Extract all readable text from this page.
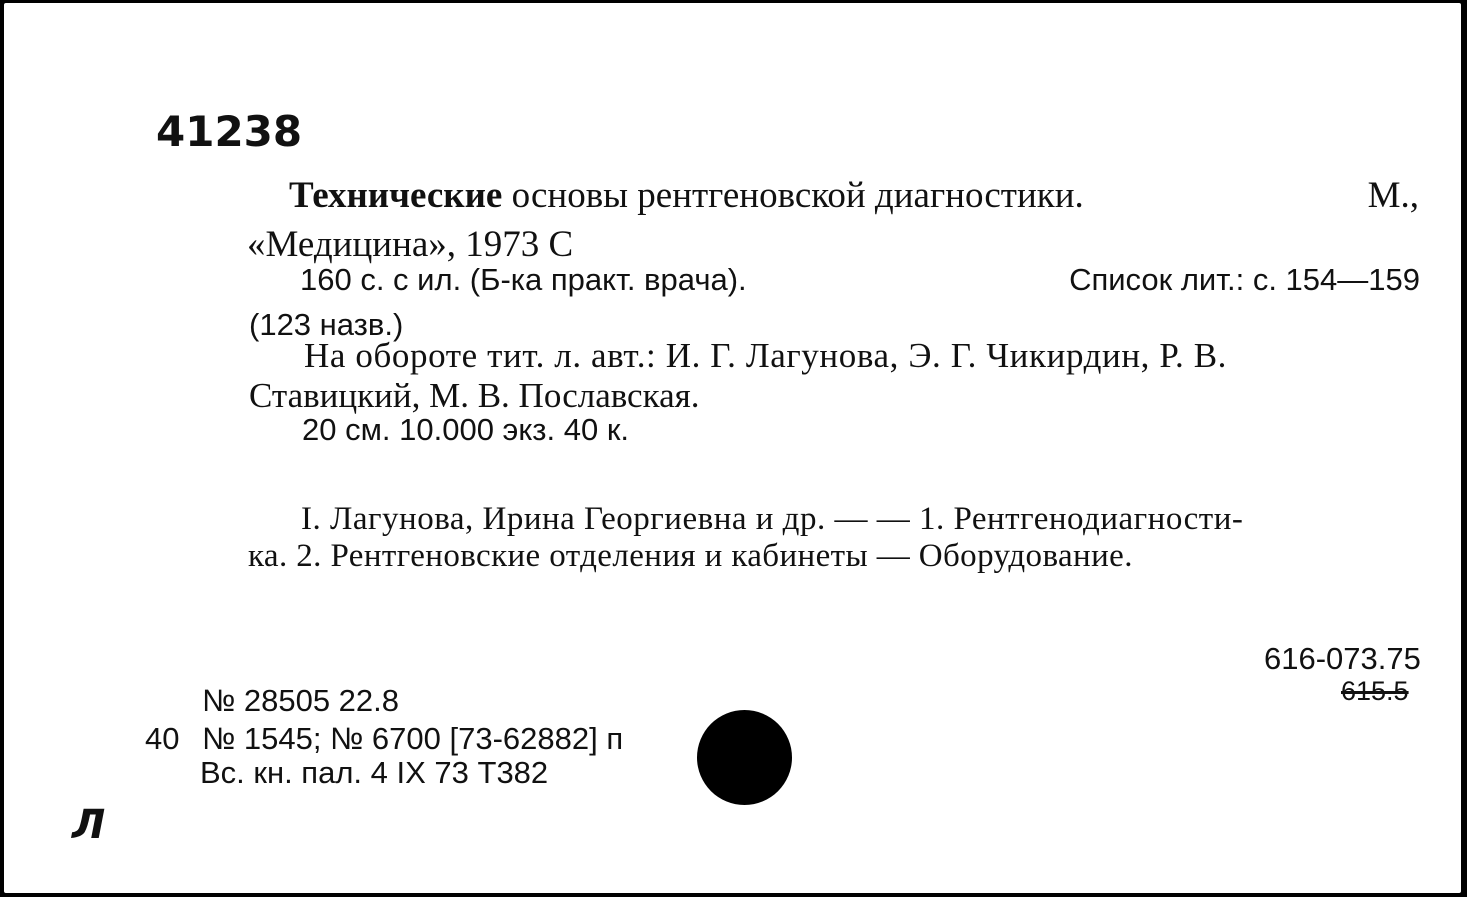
41238
Технические основы рентгеновской диагностики.	М.,
«Медицина», 1973 С
160 с. с ил. (Б-ка практ. врача).	Список лит.: с. 154—159
(123 назв.)
На обороте тит. л. авт.: И. Г. Лагунова, Э. Г. Чикирдин, Р. В.
Ставицкий, М. В. Пославская.
20 см. 10.000 экз. 40 к.
I. Лагунова, Ирина Георгиевна и др. — — 1. Рентгенодиагности-
ка. 2. Рентгеновские отделения и кабинеты — Оборудование.
616-073.75
615.5
№ 28505 22.8
40 № 1545; № 6700 [73-62882] п
Вс. кн. пал. 4 IX 73 Т382
Л
